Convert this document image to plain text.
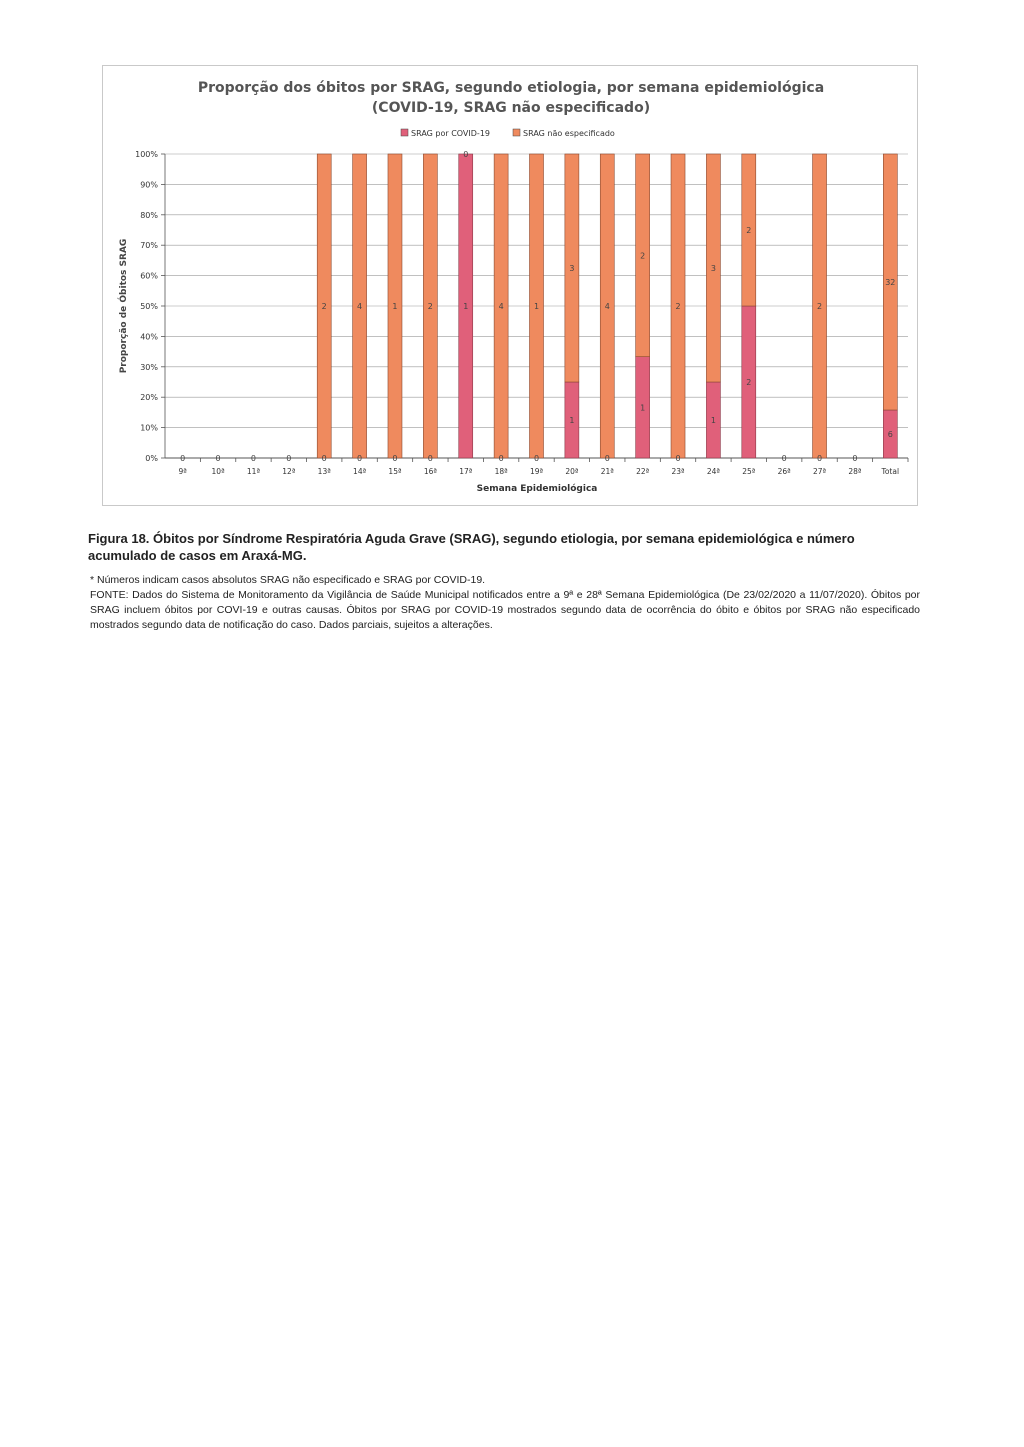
Proporção dos óbitos por SRAG, segundo etiologia, por semana epidemiológica
(COVID-19, SRAG não especificado)
SRAG por COVID-19	SRAG não especificado
0%
10%
20%
30%
40%
50%
60%
70%
80%
90%
100%
0	0	0	0	0
2
0
4
0
1
0
2	1
0
0
4
0
1
1
3
0
4
1
2
0
2
1
3
2
2
0	0
2
0
6
32
9ª	10ª	11ª	12ª	13ª	14ª	15ª	16ª	17ª	18ª	19ª	20ª	21ª	22ª	23ª	24ª	25ª	26ª	27ª	28ª	Total
Proporção de Óbitos SRAG
Semana Epidemiológica
Figura 18. Óbitos por Síndrome Respiratória Aguda Grave (SRAG), segundo etiologia, por semana epidemiológica e número acumulado de casos em Araxá-MG.

* Números indicam casos absolutos SRAG não especificado e SRAG por COVID-19.

FONTE: Dados do Sistema de Monitoramento da Vigilância de Saúde Municipal notificados entre a 9ª e 28ª Semana Epidemiológica (De 23/02/2020 a 11/07/2020). Óbitos por SRAG incluem óbitos por COVI-19 e outras causas. Óbitos por SRAG por COVID-19 mostrados segundo data de ocorrência do óbito e óbitos por SRAG não especificado mostrados segundo data de notificação do caso. Dados parciais, sujeitos a alterações.
